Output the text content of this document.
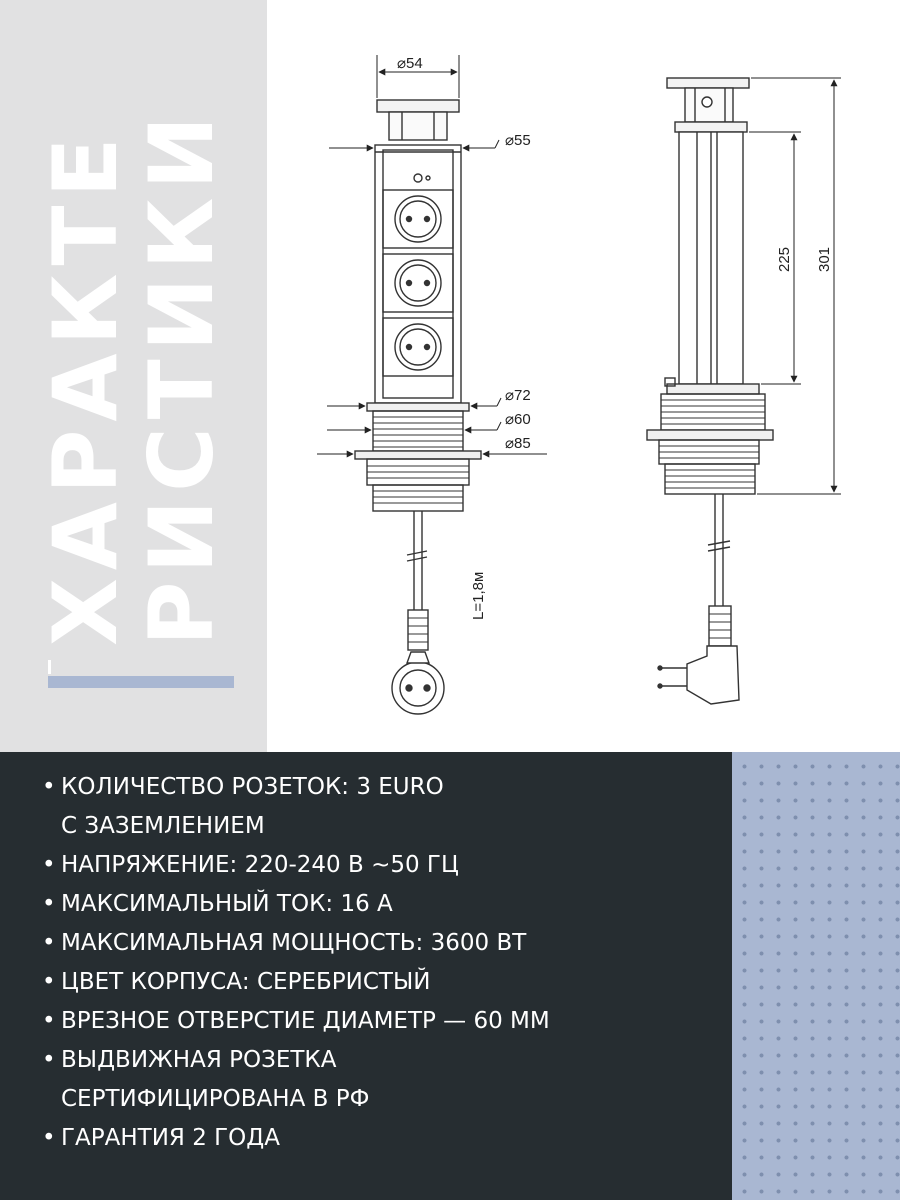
ХАРАКТЕ
РИСТИКИ
⌀54
⌀55
⌀72
⌀60
⌀85
L=1,8м
225 301
• КОЛИЧЕСТВО РОЗЕТОК: 3 EURO
С ЗАЗЕМЛЕНИЕМ
• НАПРЯЖЕНИЕ: 220-240 В ~50 ГЦ
• МАКСИМАЛЬНЫЙ ТОК: 16 А
• МАКСИМАЛЬНАЯ МОЩНОСТЬ: 3600 ВТ
• ЦВЕТ КОРПУСА: СЕРЕБРИСТЫЙ
• ВРЕЗНОЕ ОТВЕРСТИЕ ДИАМЕТР — 60 ММ
• ВЫДВИЖНАЯ РОЗЕТКА
СЕРТИФИЦИРОВАНА В РФ
• ГАРАНТИЯ 2 ГОДА
